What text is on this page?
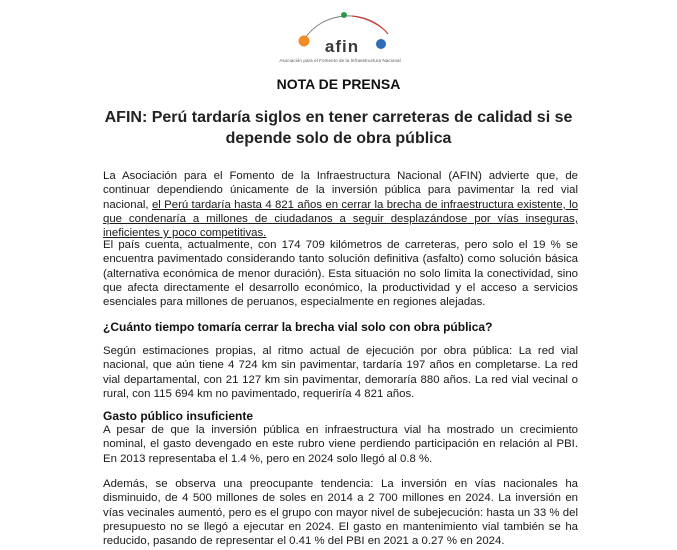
afin
Asociación para el Fomento de la Infraestructura Nacional
NOTA DE PRENSA
AFIN: Perú tardaría siglos en tener carreteras de calidad si se depende solo de obra pública

La Asociación para el Fomento de la Infraestructura Nacional (AFIN) advierte que, de continuar dependiendo únicamente de la inversión pública para pavimentar la red vial nacional, el Perú tardaría hasta 4 821 años en cerrar la brecha de infraestructura existente, lo que condenaría a millones de ciudadanos a seguir desplazándose por vías inseguras, ineficientes y poco competitivas.

El país cuenta, actualmente, con 174 709 kilómetros de carreteras, pero solo el 19 % se encuentra pavimentado considerando tanto solución definitiva (asfalto) como solución básica (alternativa económica de menor duración). Esta situación no solo limita la conectividad, sino que afecta directamente el desarrollo económico, la productividad y el acceso a servicios esenciales para millones de peruanos, especialmente en regiones alejadas.

¿Cuánto tiempo tomaría cerrar la brecha vial solo con obra pública?

Según estimaciones propias, al ritmo actual de ejecución por obra pública: La red vial nacional, que aún tiene 4 724 km sin pavimentar, tardaría 197 años en completarse. La red vial departamental, con 21 127 km sin pavimentar, demoraría 880 años. La red vial vecinal o rural, con 115 694 km no pavimentado, requeriría 4 821 años.

Gasto público insuficiente

A pesar de que la inversión pública en infraestructura vial ha mostrado un crecimiento nominal, el gasto devengado en este rubro viene perdiendo participación en relación al PBI. En 2013 representaba el 1.4 %, pero en 2024 solo llegó al 0.8 %.

Además, se observa una preocupante tendencia: La inversión en vías nacionales ha disminuido, de 4 500 millones de soles en 2014 a 2 700 millones en 2024. La inversión en vías vecinales aumentó, pero es el grupo con mayor nivel de subejecución: hasta un 33 % del presupuesto no se llegó a ejecutar en 2024. El gasto en mantenimiento vial también se ha reducido, pasando de representar el 0.41 % del PBI en 2021 a 0.27 % en 2024.
